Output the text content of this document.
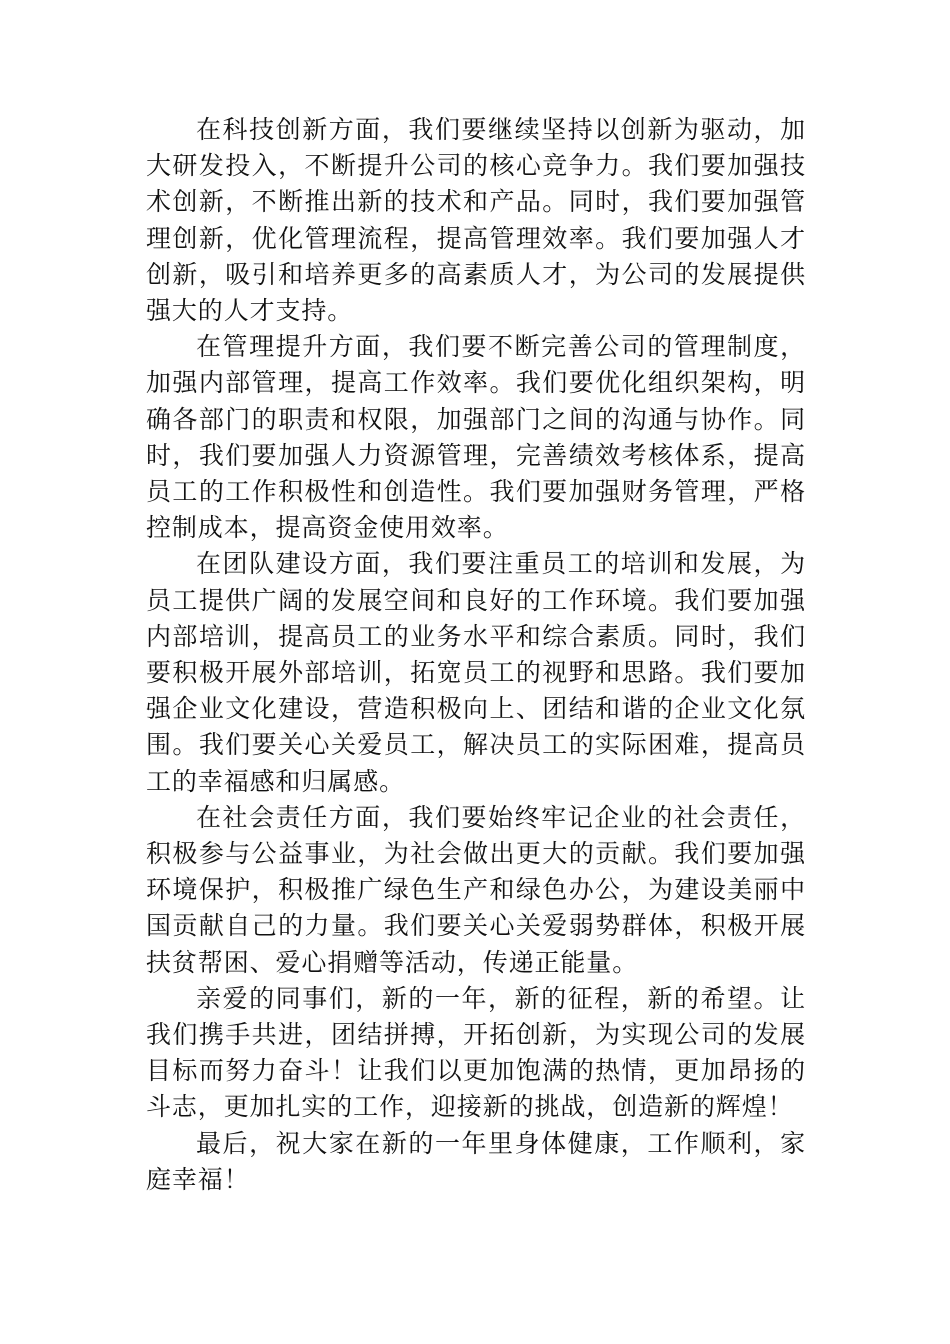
在科技创新方面，我们要继续坚持以创新为驱动，加大研发投入，不断提升公司的核心竞争力。我们要加强技术创新，不断推出新的技术和产品。同时，我们要加强管理创新，优化管理流程，提高管理效率。我们要加强人才创新，吸引和培养更多的高素质人才，为公司的发展提供强大的人才支持。

在管理提升方面，我们要不断完善公司的管理制度，加强内部管理，提高工作效率。我们要优化组织架构，明确各部门的职责和权限，加强部门之间的沟通与协作。同时，我们要加强人力资源管理，完善绩效考核体系，提高员工的工作积极性和创造性。我们要加强财务管理，严格控制成本，提高资金使用效率。

在团队建设方面，我们要注重员工的培训和发展，为员工提供广阔的发展空间和良好的工作环境。我们要加强内部培训，提高员工的业务水平和综合素质。同时，我们要积极开展外部培训，拓宽员工的视野和思路。我们要加强企业文化建设，营造积极向上、团结和谐的企业文化氛围。我们要关心关爱员工，解决员工的实际困难，提高员工的幸福感和归属感。

在社会责任方面，我们要始终牢记企业的社会责任，积极参与公益事业，为社会做出更大的贡献。我们要加强环境保护，积极推广绿色生产和绿色办公，为建设美丽中国贡献自己的力量。我们要关心关爱弱势群体，积极开展扶贫帮困、爱心捐赠等活动，传递正能量。

亲爱的同事们，新的一年，新的征程，新的希望。让我们携手共进，团结拼搏，开拓创新，为实现公司的发展目标而努力奋斗！让我们以更加饱满的热情，更加昂扬的斗志，更加扎实的工作，迎接新的挑战，创造新的辉煌！

最后，祝大家在新的一年里身体健康，工作顺利，家庭幸福！
